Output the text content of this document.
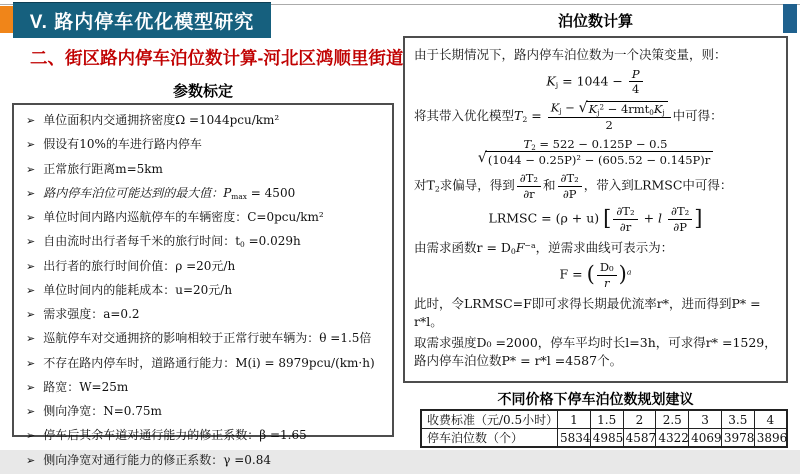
V. 路内停车优化模型研究
二、街区路内停车泊位数计算-河北区鸿顺里街道
参数标定
➢ 单位面积内交通拥挤密度Ω =1044pcu/km²
➢ 假设有10%的车进行路内停车
➢ 正常旅行距离m=5km
➢ 路内停车泊位可能达到的最大值：$P_{max} = 4500$
➢ 单位时间内路内巡航停车的车辆密度：C=0pcu/km²
➢ 自由流时出行者每千米的旅行时间：$t_0 =0.029h$
➢ 出行者的旅行时间价值：ρ =20元/h
➢ 单位时间内的能耗成本：u=20元/h
➢ 需求强度：a=0.2
➢ 巡航停车对交通拥挤的影响相较于正常行驶车辆为：θ =1.5倍
➢ 不存在路内停车时，道路通行能力：M(i) = 8979pcu/(km·h)
➢ 路宽：W=25m
➢ 侧向净宽：N=0.75m
➢ 停车后其余车道对通行能力的修正系数：β =1.65
➢ 侧向净宽对通行能力的修正系数：γ =0.84
泊位数计算

由于长期情况下，路内停车泊位数为一个决策变量，则：

$K_j = 1044 - \frac{P}{4}$

将其带入优化模型$T_2 = \frac{K_j - √ K_j^2 - 4rmt_0K_j}{2}$ 中可得：

$T_2 = 522 - 0.125P - 0.5$
√ (1044 − 0.25P)² − (605.52 − 0.145P)r

对$T_2$求偏导，得到 $\frac{\text{∂T₂}}{\partial r}$ 和 $\frac{\text{∂T₂}}{\partial P}$ ，带入到LRMSC中可得：

LRMSC = (ρ + u) [ $\frac{\text{∂T₂}}{\partial r} + l \frac{\text{∂T₂}}{\partial P}$ ]

由需求函数$r = D_0F^{-a}$，逆需求曲线可表示为：

F = ( $\frac{\text{D₀}}{r} )^a$

此时，令LRMSC=F即可求得长期最优流率r*，进而得到P* = r*l。

取需求强度D₀ =2000，停车平均时长l=3h，可求得r* =1529，路内停车泊位数P* = r*l =4587个。

不同价格下停车泊位数规划建议
收费标准（元/0.5小时）	1	1.5	2	2.5	3	3.5	4
停车泊位数（个）	5834	4985	4587	4322	4069	3978	3896
